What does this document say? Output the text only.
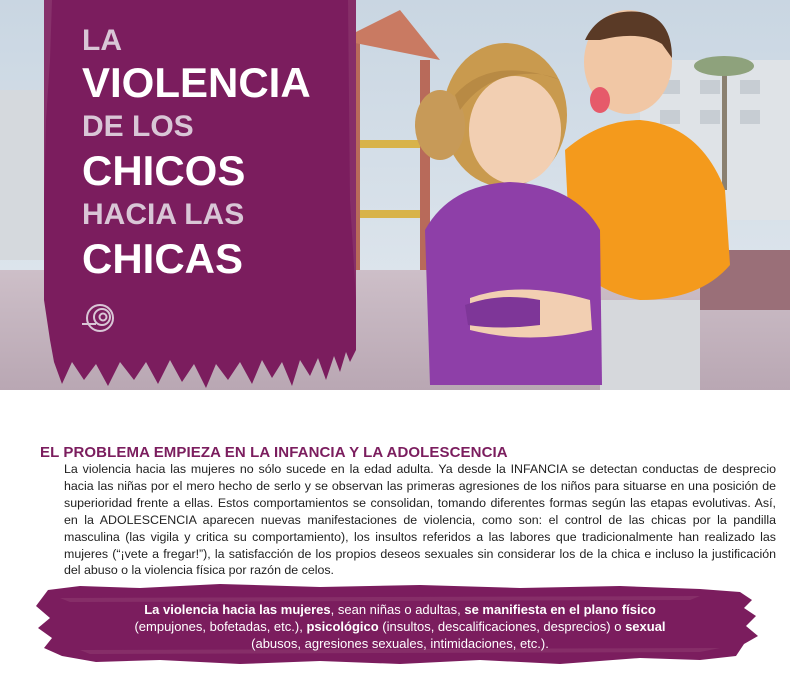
LA
VIOLENCIA
DE LOS
CHICOS
HACIA LAS
CHICAS
EL PROBLEMA EMPIEZA EN LA INFANCIA Y LA ADOLESCENCIA
La violencia hacia las mujeres no sólo sucede en la edad adulta. Ya desde la INFANCIA se detectan conductas de desprecio hacia las niñas por el mero hecho de serlo y se observan las primeras agresiones de los niños para situarse en una posición de superioridad frente a ellas. Estos comportamientos se consolidan, tomando diferentes formas según las etapas evolutivas. Así, en la ADOLESCENCIA aparecen nuevas manifestaciones de violencia, como son: el control de las chicas por la pandilla masculina (las vigila y critica su comportamiento), los insultos referidos a las labores que tradicionalmente han realizado las mujeres (“¡vete a fregar!”), la satisfacción de los propios deseos sexuales sin considerar los de la chica e incluso la justificación del abuso o la violencia física por razón de celos.
La violencia hacia las mujeres, sean niñas o adultas, se manifiesta en el plano físico
(empujones, bofetadas, etc.), psicológico (insultos, descalificaciones, desprecios) o sexual
(abusos, agresiones sexuales, intimidaciones, etc.).
